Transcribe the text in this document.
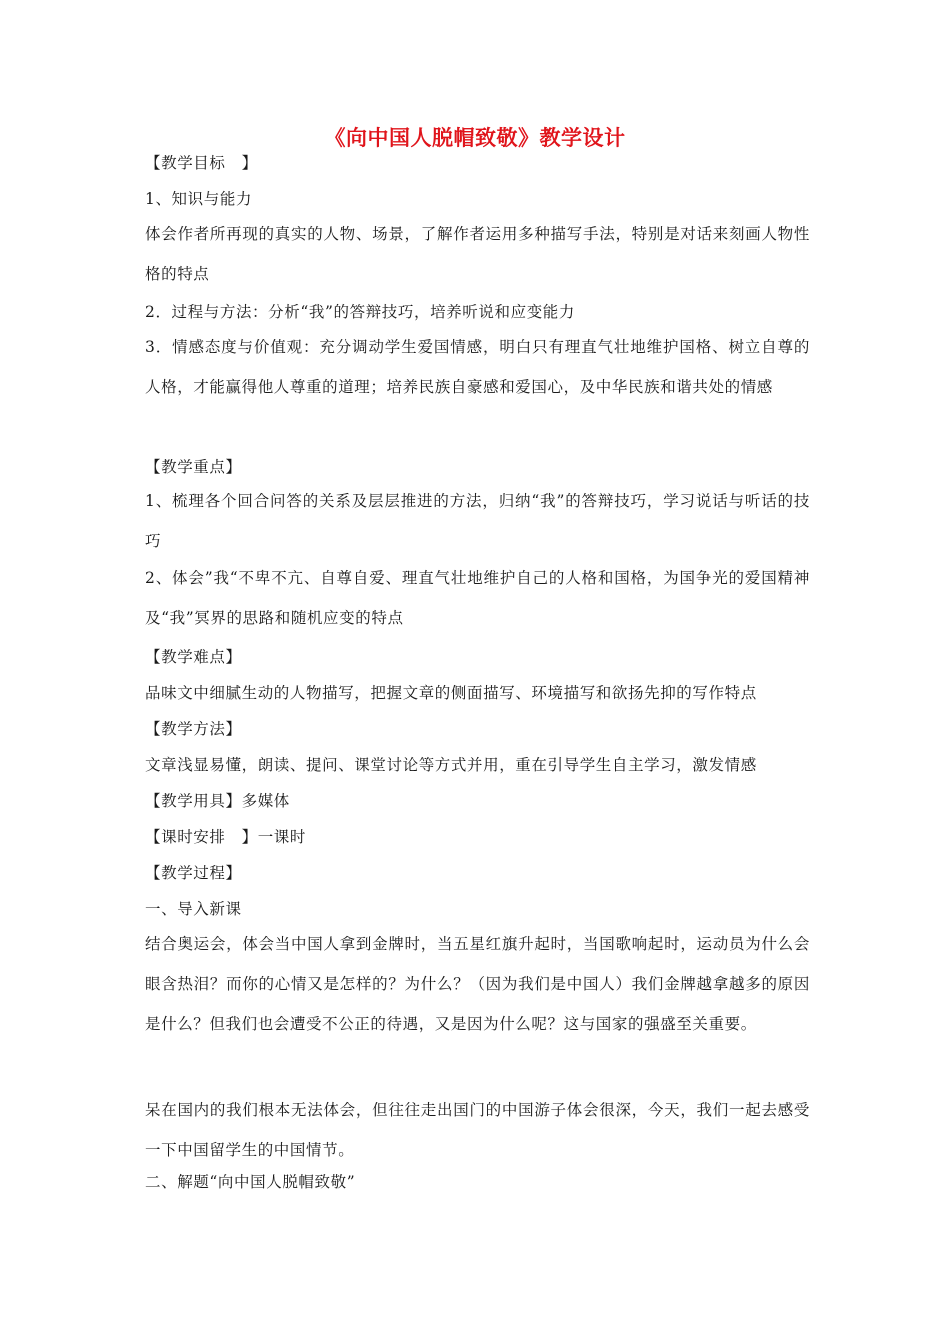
《向中国人脱帽致敬》教学设计
【教学目标　】
1、知识与能力

体会作者所再现的真实的人物、场景，了解作者运用多种描写手法，特别是对话来刻画人物性格的特点

2．过程与方法：分析“我”的答辩技巧，培养听说和应变能力

3．情感态度与价值观：充分调动学生爱国情感，明白只有理直气壮地维护国格、树立自尊的人格，才能赢得他人尊重的道理；培养民族自豪感和爱国心，及中华民族和谐共处的情感

【教学重点】

1、梳理各个回合问答的关系及层层推进的方法，归纳“我”的答辩技巧，学习说话与听话的技巧

2、体会”我“不卑不亢、自尊自爱、理直气壮地维护自己的人格和国格，为国争光的爱国精神及“我”冥界的思路和随机应变的特点

【教学难点】
品味文中细腻生动的人物描写，把握文章的侧面描写、环境描写和欲扬先抑的写作特点
【教学方法】
文章浅显易懂，朗读、提问、课堂讨论等方式并用，重在引导学生自主学习，激发情感
【教学用具】多媒体
【课时安排　】一课时
【教学过程】
一、导入新课

结合奥运会，体会当中国人拿到金牌时，当五星红旗升起时，当国歌响起时，运动员为什么会眼含热泪？而你的心情又是怎样的？为什么？（因为我们是中国人）我们金牌越拿越多的原因是什么？但我们也会遭受不公正的待遇，又是因为什么呢？这与国家的强盛至关重要。

呆在国内的我们根本无法体会，但往往走出国门的中国游子体会很深，今天，我们一起去感受一下中国留学生的中国情节。

二、解题“向中国人脱帽致敬”
